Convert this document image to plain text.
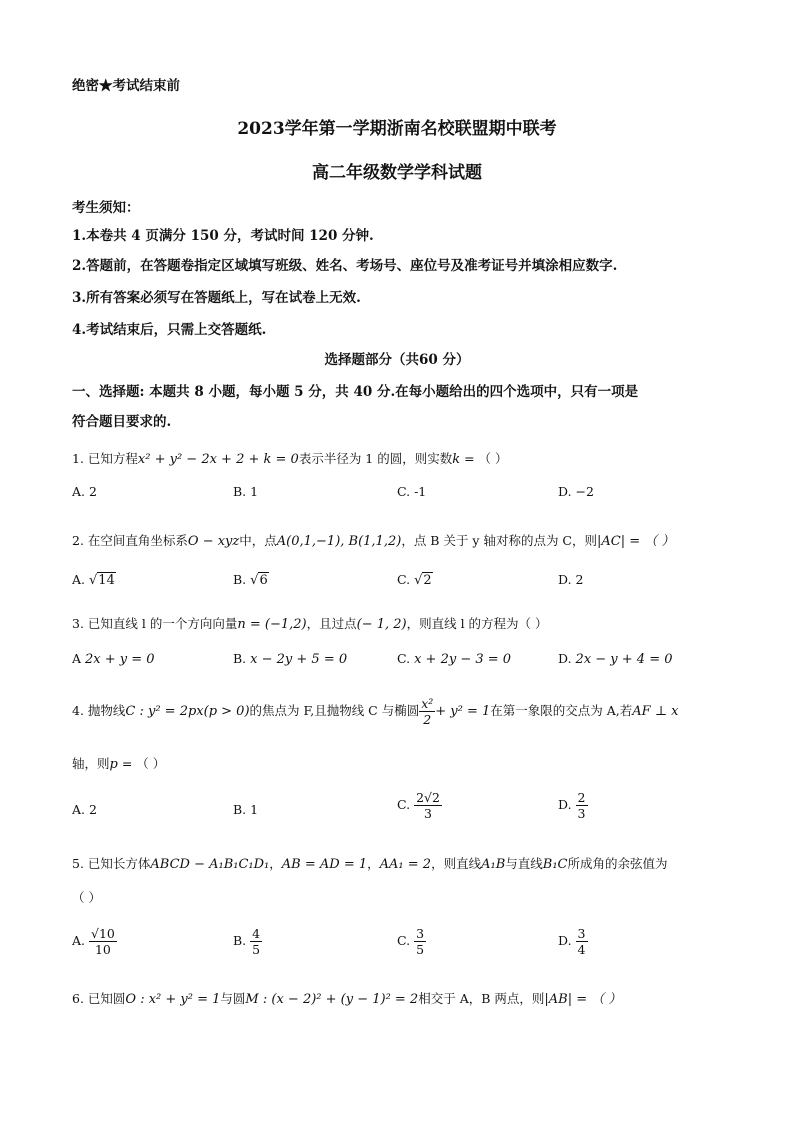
绝密★考试结束前
2023学年第一学期浙南名校联盟期中联考
高二年级数学学科试题
考生须知：
1.本卷共 4 页满分 150 分，考试时间 120 分钟.
2.答题前，在答题卷指定区域填写班级、姓名、考场号、座位号及准考证号并填涂相应数字.
3.所有答案必须写在答题纸上，写在试卷上无效.
4.考试结束后，只需上交答题纸.
选择题部分（共60 分）
一、选择题: 本题共 8 小题，每小题 5 分，共 40 分.在每小题给出的四个选项中，只有一项是
符合题目要求的.
1. 已知方程x² + y² − 2x + 2 + k = 0表示半径为 1 的圆，则实数k = （ ）
A. 2	B. 1	C. -1	D. −2
2. 在空间直角坐标系O − xyz中，点A(0,1,−1), B(1,1,2)，点 B 关于 y 轴对称的点为 C，则|AC| = （ ）
A. √14	B. √6	C. √2	D. 2
3. 已知直线 l 的一个方向向量n = (−1,2)，且过点(− 1, 2)，则直线 l 的方程为（ ）
A 2x + y = 0	B. x − 2y + 5 = 0	C. x + 2y − 3 = 0	D. 2x − y + 4 = 0
4. 抛物线C : y² = 2px(p > 0)的焦点为 F,且抛物线 C 与椭圆 $\frac{\text{x²}}{2} + y^2 = 1$在第一象限的交点为 A,若AF ⊥ x
轴，则p = （ ）
A. 2	B. 1	C. $\frac{2√2}{3}$	D. $\frac{2}{3}$
5. 已知长方体ABCD − A₁B₁C₁D₁，AB = AD = 1，AA₁ = 2，则直线A₁B与直线B₁C所成角的余弦值为
（ ）
A. $\frac{√10}{10}$	B. $\frac{4}{5}$	C. $\frac{3}{5}$	D. $\frac{3}{4}$
6. 已知圆O : x² + y² = 1与圆M : (x − 2)² + (y − 1)² = 2相交于 A，B 两点，则|AB| = （ ）
